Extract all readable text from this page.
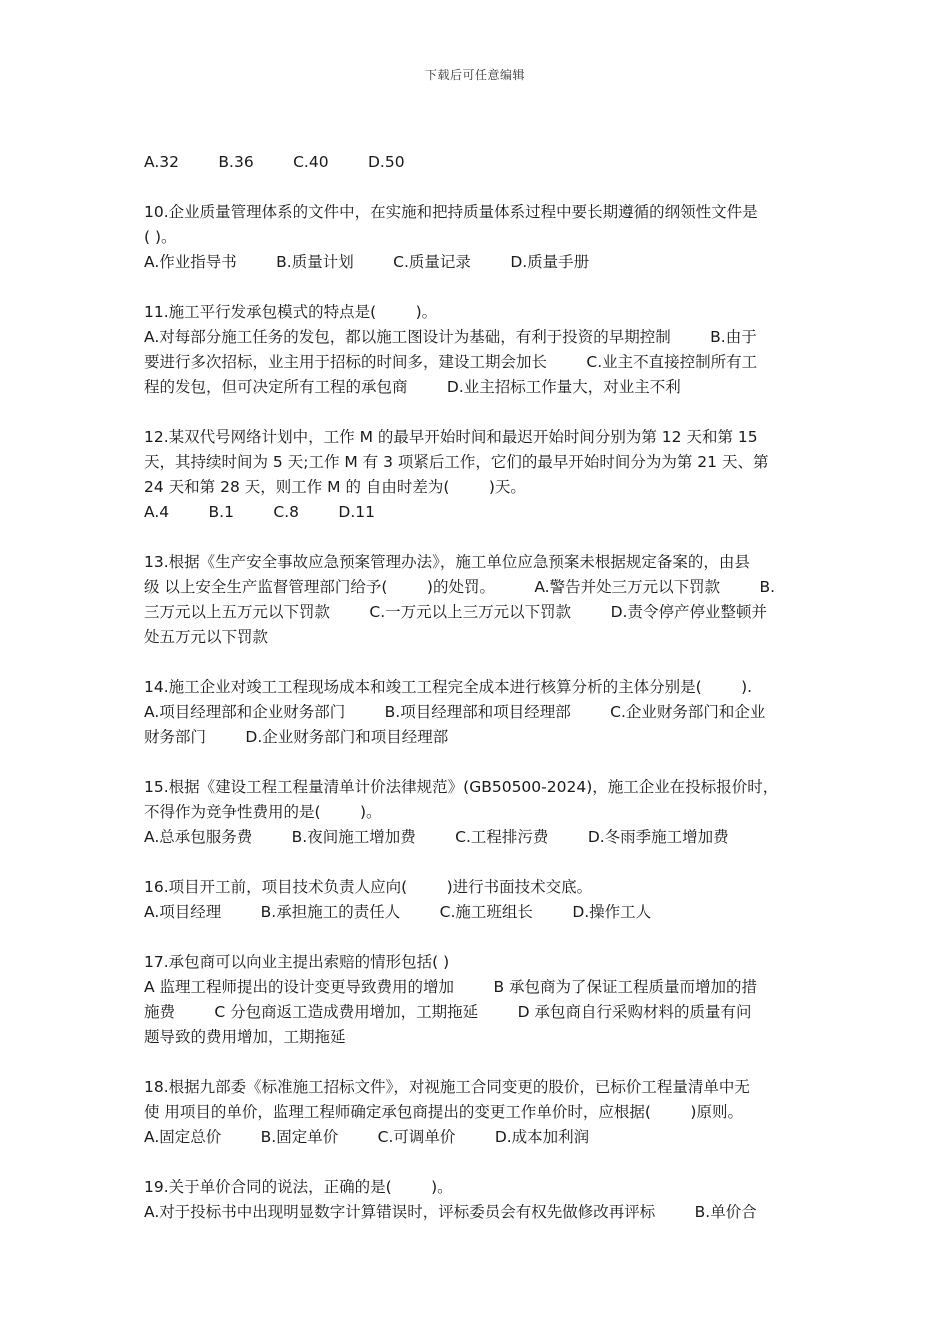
下载后可任意编辑
A.32        B.36        C.40        D.50
10.企业质量管理体系的文件中，在实施和把持质量体系过程中要长期遵循的纲领性文件是
( )。
A.作业指导书        B.质量计划        C.质量记录        D.质量手册
11.施工平行发承包模式的特点是(        )。
A.对每部分施工任务的发包，都以施工图设计为基础，有利于投资的早期控制        B.由于
要进行多次招标，业主用于招标的时间多，建设工期会加长        C.业主不直接控制所有工
程的发包，但可决定所有工程的承包商        D.业主招标工作量大，对业主不利
12.某双代号网络计划中，工作 M 的最早开始时间和最迟开始时间分别为第 12 天和第 15
天，其持续时间为 5 天;工作 M 有 3 项紧后工作，它们的最早开始时间分为为第 21 天、第
24 天和第 28 天，则工作 M 的 自由时差为(        )天。
A.4        B.1        C.8        D.11
13.根据《生产安全事故应急预案管理办法》，施工单位应急预案未根据规定备案的，由县
级 以上安全生产监督管理部门给予(        )的处罚。        A.警告并处三万元以下罚款        B.
三万元以上五万元以下罚款        C.一万元以上三万元以下罚款        D.责令停产停业整顿并
处五万元以下罚款
14.施工企业对竣工工程现场成本和竣工工程完全成本进行核算分析的主体分别是(        ).
A.项目经理部和企业财务部门        B.项目经理部和项目经理部        C.企业财务部门和企业
财务部门        D.企业财务部门和项目经理部
15.根据《建设工程工程量清单计价法律规范》(GB50500-2024)，施工企业在投标报价时，
不得作为竞争性费用的是(        )。
A.总承包服务费        B.夜间施工增加费        C.工程排污费        D.冬雨季施工增加费
16.项目开工前，项目技术负责人应向(        )进行书面技术交底。
A.项目经理        B.承担施工的责任人        C.施工班组长        D.操作工人
17.承包商可以向业主提出索赔的情形包括( )
A 监理工程师提出的设计变更导致费用的增加        B 承包商为了保证工程质量而增加的措
施费        C 分包商返工造成费用增加，工期拖延        D 承包商自行采购材料的质量有问
题导致的费用增加，工期拖延
18.根据九部委《标准施工招标文件》，对视施工合同变更的股价，已标价工程量清单中无
使 用项目的单价，监理工程师确定承包商提出的变更工作单价时，应根据(        )原则。
A.固定总价        B.固定单价        C.可调单价        D.成本加利润
19.关于单价合同的说法，正确的是(        )。
A.对于投标书中出现明显数字计算错误时，评标委员会有权先做修改再评标        B.单价合
